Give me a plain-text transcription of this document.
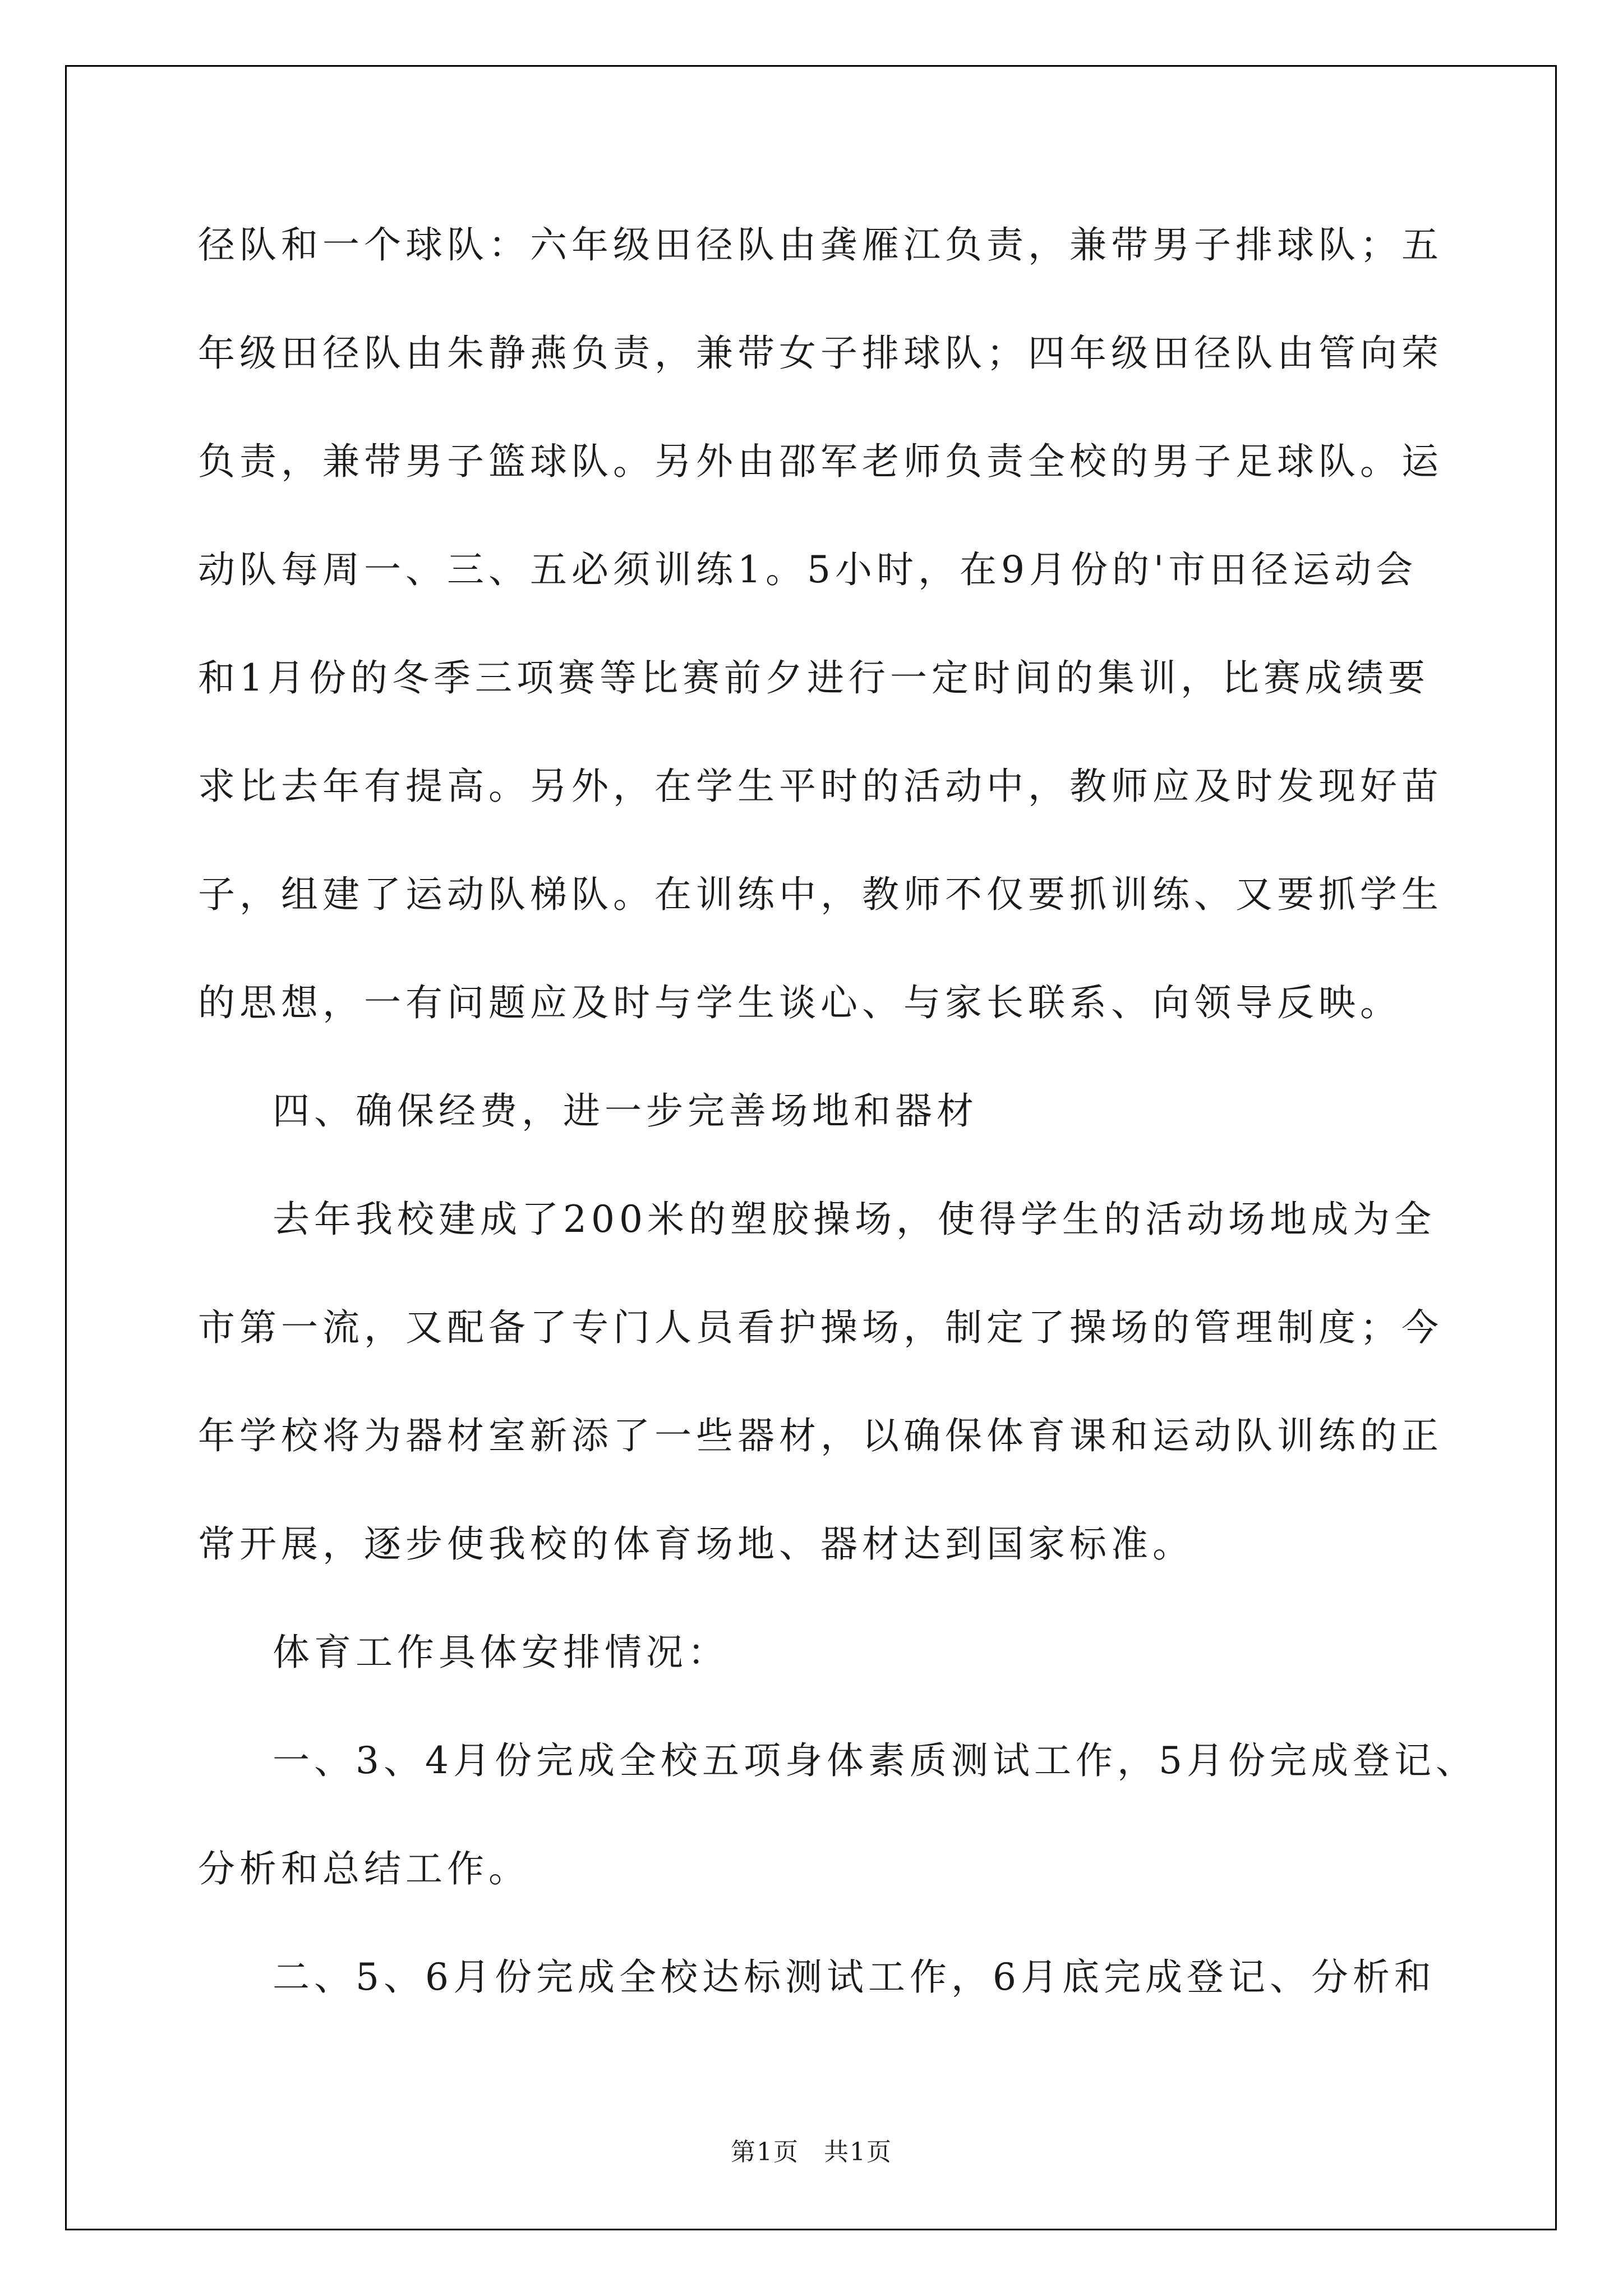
径队和一个球队：六年级田径队由龚雁江负责，兼带男子排球队；五
年级田径队由朱静燕负责，兼带女子排球队；四年级田径队由管向荣
负责，兼带男子篮球队。另外由邵军老师负责全校的男子足球队。运
动队每周一、三、五必须训练1。5小时，在9月份的'市田径运动会
和1月份的冬季三项赛等比赛前夕进行一定时间的集训，比赛成绩要
求比去年有提高。另外，在学生平时的活动中，教师应及时发现好苗
子，组建了运动队梯队。在训练中，教师不仅要抓训练、又要抓学生
的思想，一有问题应及时与学生谈心、与家长联系、向领导反映。
四、确保经费，进一步完善场地和器材
去年我校建成了200米的塑胶操场，使得学生的活动场地成为全
市第一流，又配备了专门人员看护操场，制定了操场的管理制度；今
年学校将为器材室新添了一些器材，以确保体育课和运动队训练的正
常开展，逐步使我校的体育场地、器材达到国家标准。
体育工作具体安排情况：
一、3、4月份完成全校五项身体素质测试工作，5月份完成登记、
分析和总结工作。
二、5、6月份完成全校达标测试工作，6月底完成登记、分析和
第1页 共1页
